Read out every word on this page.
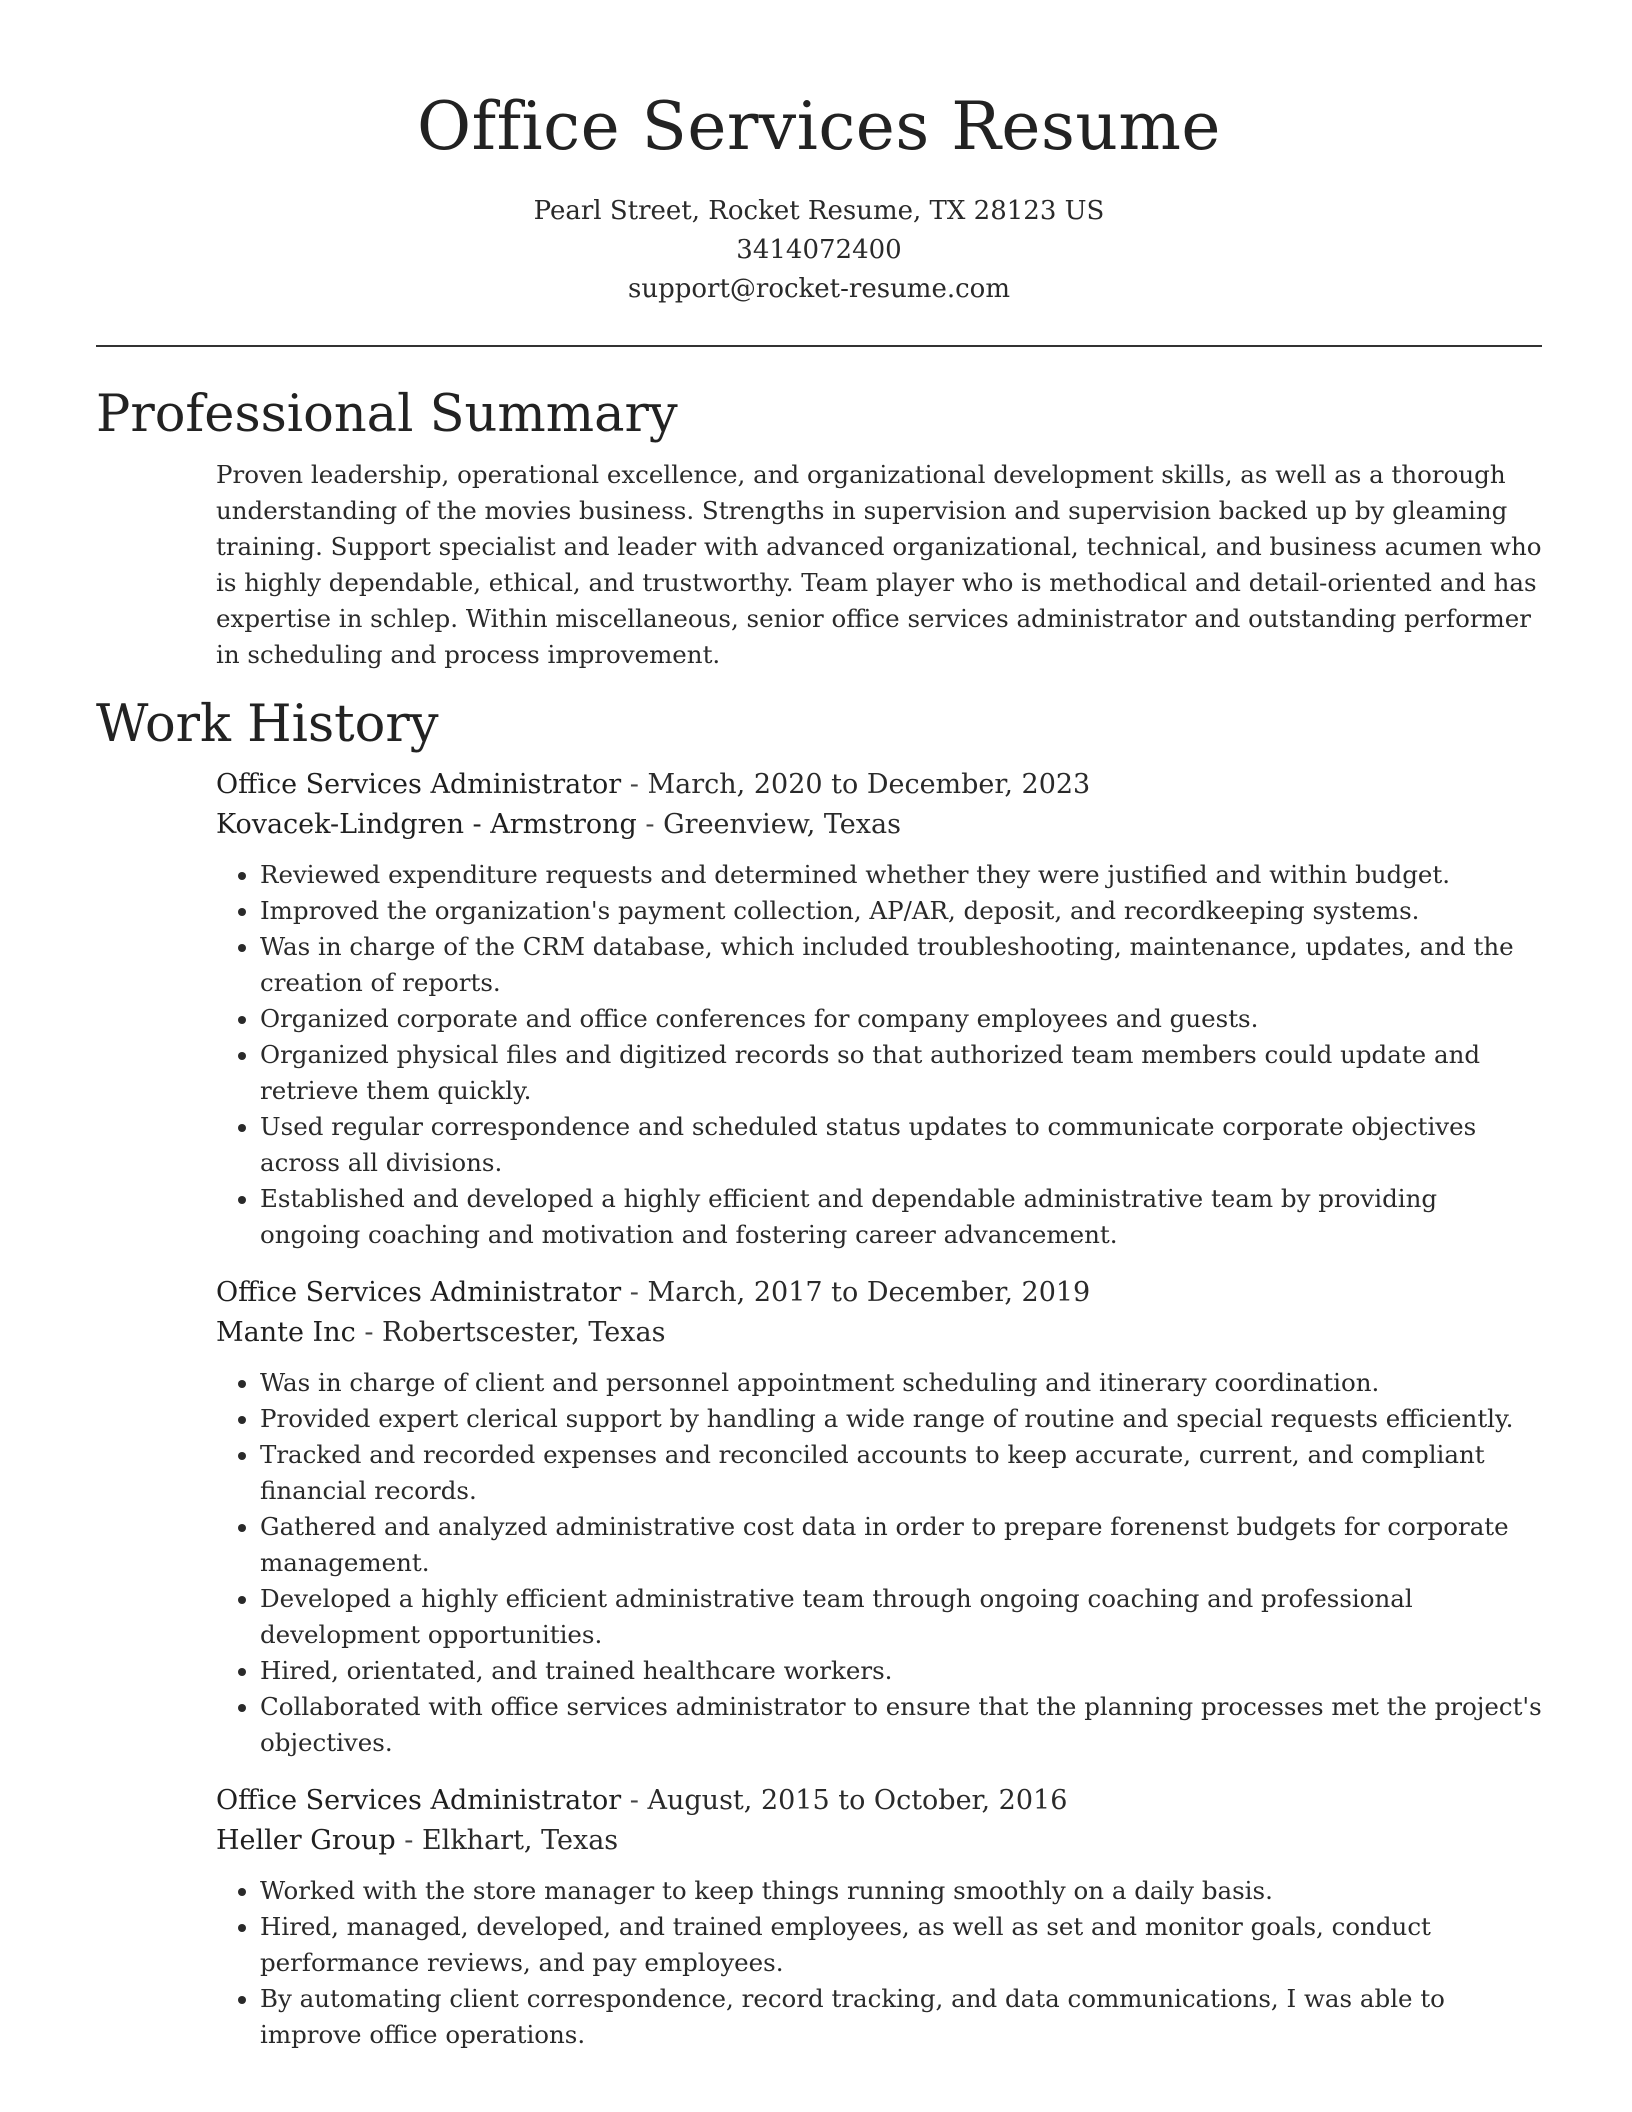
Office Services Resume
Pearl Street, Rocket Resume, TX 28123 US
3414072400
support@rocket-resume.com
Professional Summary
Proven leadership, operational excellence, and organizational development skills, as well as a thorough understanding of the movies business. Strengths in supervision and supervision backed up by gleaming training. Support specialist and leader with advanced organizational, technical, and business acumen who is highly dependable, ethical, and trustworthy. Team player who is methodical and detail-oriented and has expertise in schlep. Within miscellaneous, senior office services administrator and outstanding performer in scheduling and process improvement.
Work History
Office Services Administrator - March, 2020 to December, 2023
Kovacek-Lindgren - Armstrong - Greenview, Texas
• Reviewed expenditure requests and determined whether they were justified and within budget.
• Improved the organization's payment collection, AP/AR, deposit, and recordkeeping systems.
• Was in charge of the CRM database, which included troubleshooting, maintenance, updates, and the creation of reports.
• Organized corporate and office conferences for company employees and guests.
• Organized physical files and digitized records so that authorized team members could update and retrieve them quickly.
• Used regular correspondence and scheduled status updates to communicate corporate objectives across all divisions.
• Established and developed a highly efficient and dependable administrative team by providing ongoing coaching and motivation and fostering career advancement.
Office Services Administrator - March, 2017 to December, 2019
Mante Inc - Robertscester, Texas
• Was in charge of client and personnel appointment scheduling and itinerary coordination.
• Provided expert clerical support by handling a wide range of routine and special requests efficiently.
• Tracked and recorded expenses and reconciled accounts to keep accurate, current, and compliant financial records.
• Gathered and analyzed administrative cost data in order to prepare forenenst budgets for corporate management.
• Developed a highly efficient administrative team through ongoing coaching and professional development opportunities.
• Hired, orientated, and trained healthcare workers.
• Collaborated with office services administrator to ensure that the planning processes met the project's objectives.
Office Services Administrator - August, 2015 to October, 2016
Heller Group - Elkhart, Texas
• Worked with the store manager to keep things running smoothly on a daily basis.
• Hired, managed, developed, and trained employees, as well as set and monitor goals, conduct performance reviews, and pay employees.
• By automating client correspondence, record tracking, and data communications, I was able to improve office operations.
